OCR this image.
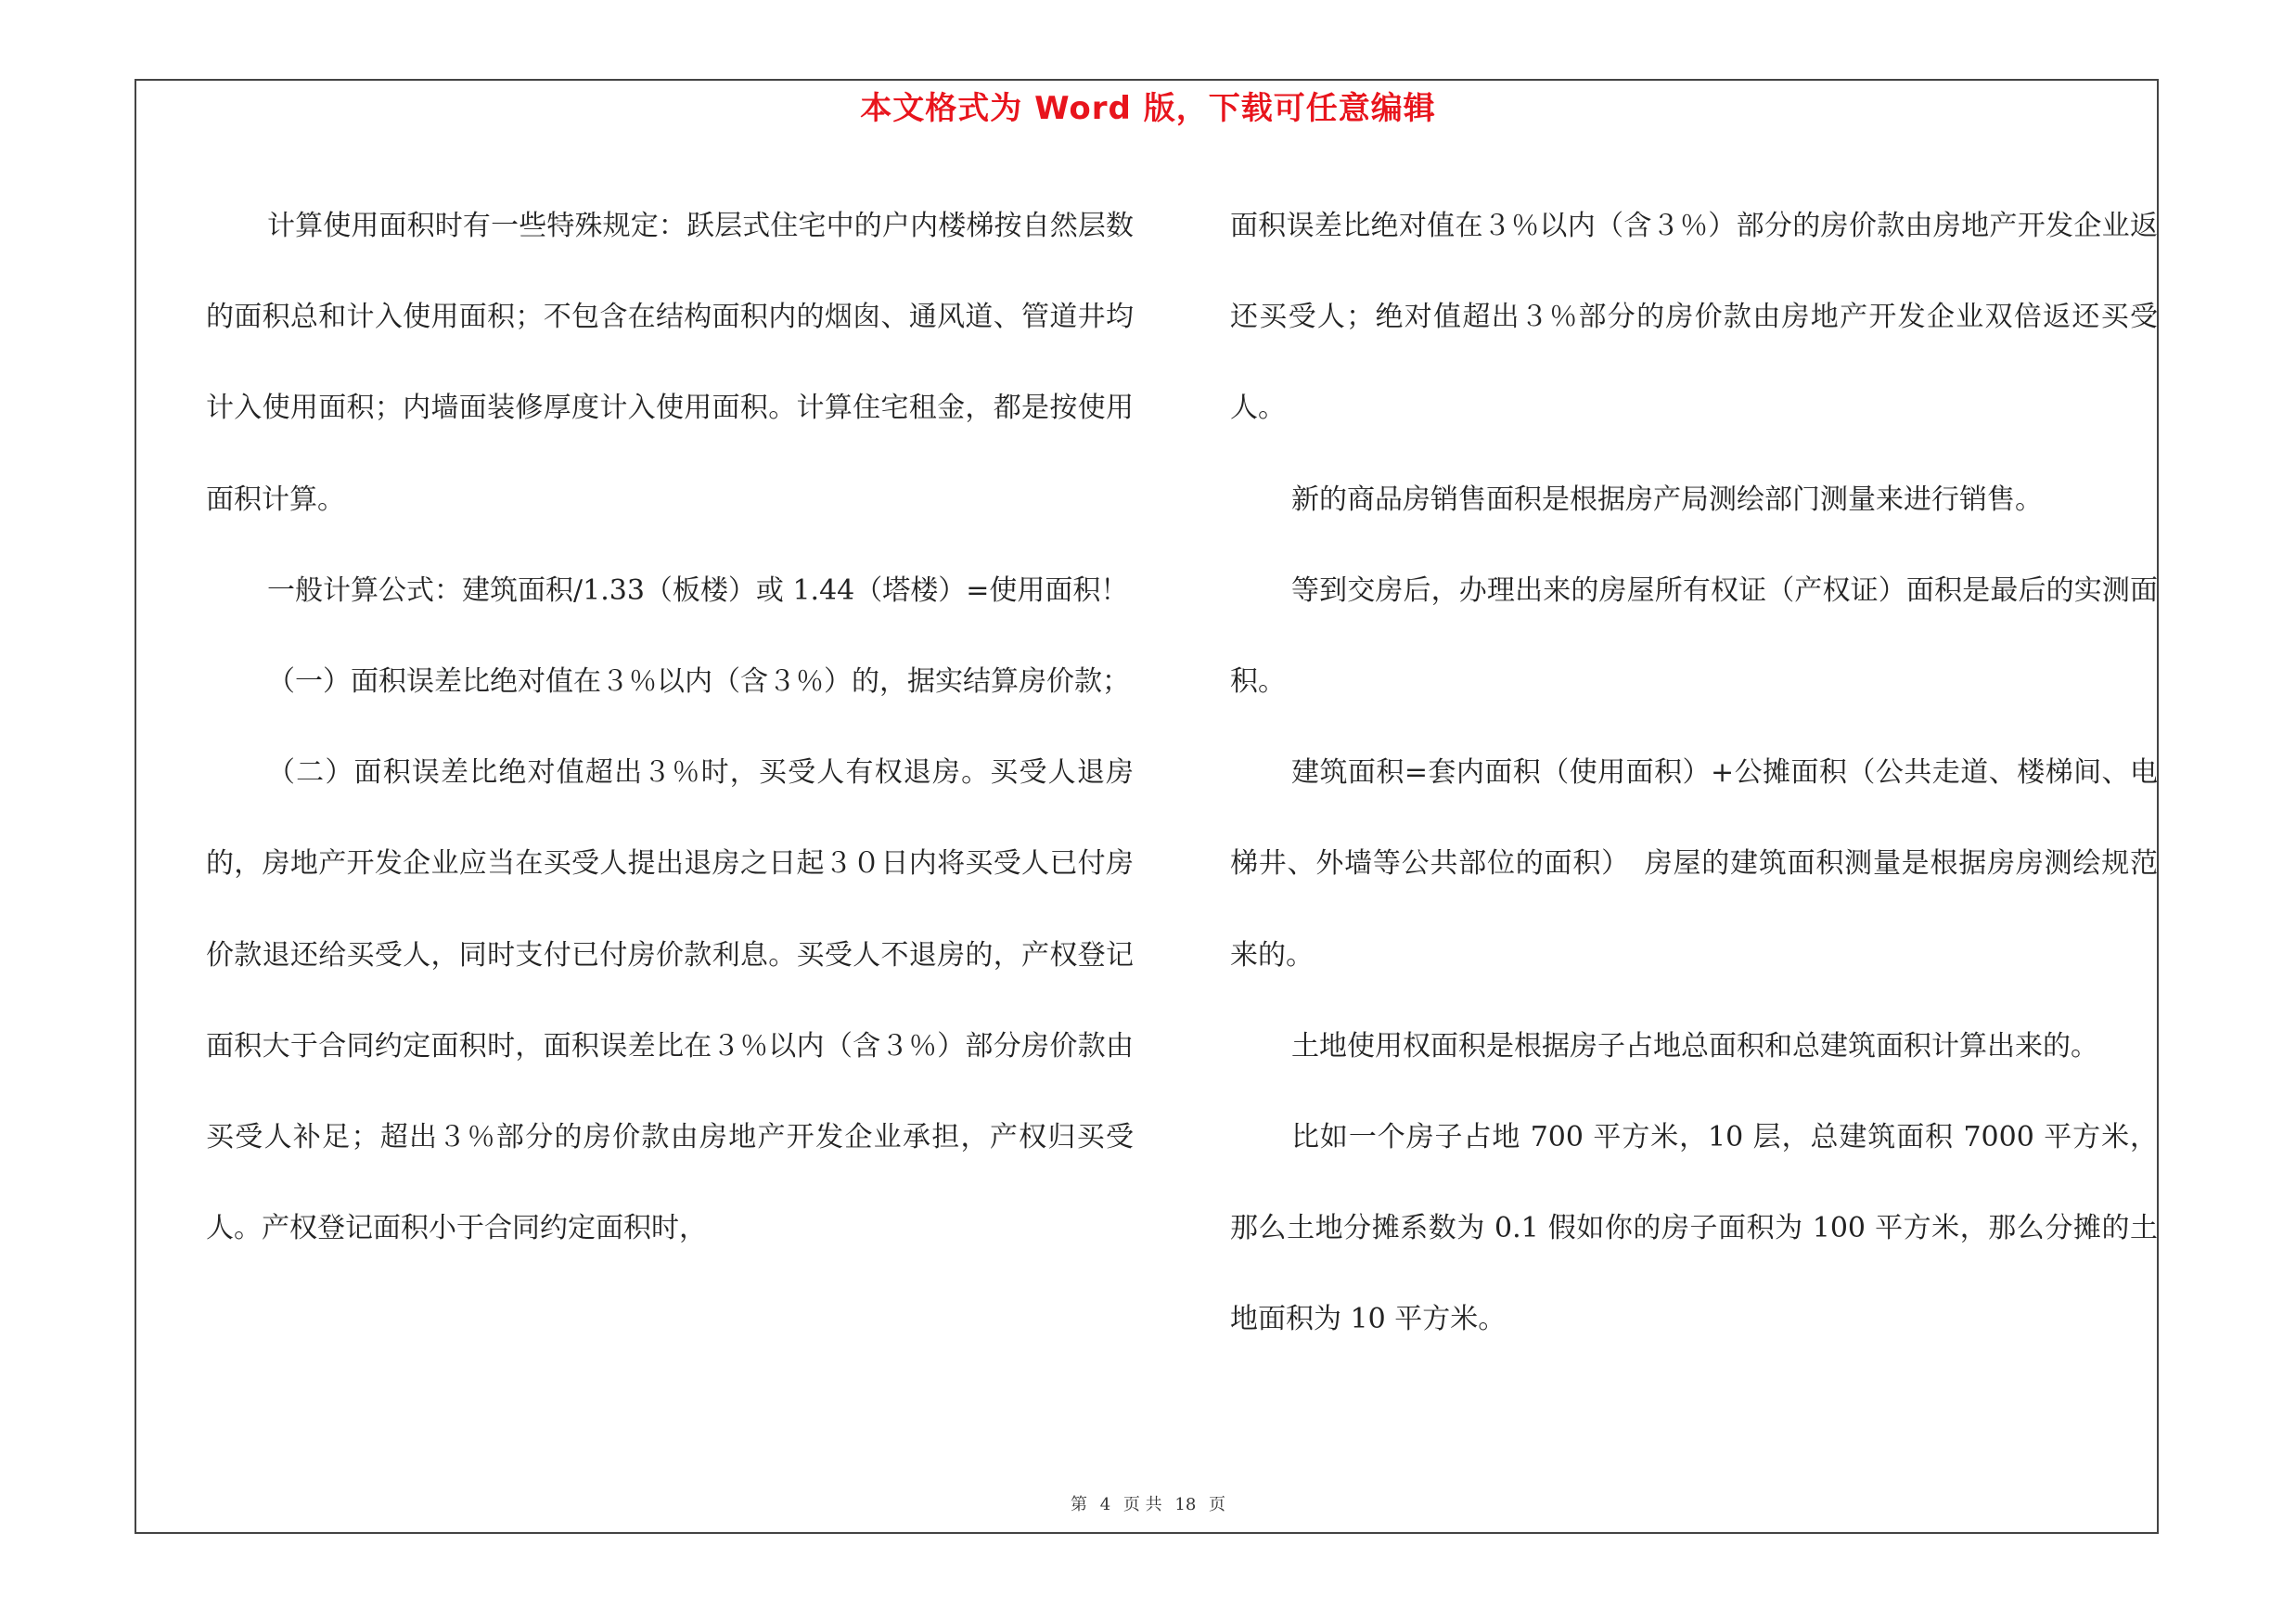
本文格式为 Word 版，下载可任意编辑

计算使用面积时有一些特殊规定：跃层式住宅中的户内楼梯按自然层数的面积总和计入使用面积；不包含在结构面积内的烟囱、通风道、管道井均计入使用面积；内墙面装修厚度计入使用面积。计算住宅租金，都是按使用面积计算。

一般计算公式：建筑面积/1.33（板楼）或 1.44（塔楼）=使用面积！

（一）面积误差比绝对值在３％以内（含３％）的，据实结算房价款；

（二）面积误差比绝对值超出３％时，买受人有权退房。买受人退房的，房地产开发企业应当在买受人提出退房之日起３０日内将买受人已付房价款退还给买受人，同时支付已付房价款利息。买受人不退房的，产权登记面积大于合同约定面积时，面积误差比在３％以内（含３％）部分房价款由买受人补足；超出３％部分的房价款由房地产开发企业承担，产权归买受人。产权登记面积小于合同约定面积时，

面积误差比绝对值在３％以内（含３％）部分的房价款由房地产开发企业返还买受人；绝对值超出３％部分的房价款由房地产开发企业双倍返还买受人。

新的商品房销售面积是根据房产局测绘部门测量来进行销售。

等到交房后，办理出来的房屋所有权证（产权证）面积是最后的实测面积。

建筑面积=套内面积（使用面积）+公摊面积（公共走道、楼梯间、电梯井、外墙等公共部位的面积）　房屋的建筑面积测量是根据房房测绘规范来的。

土地使用权面积是根据房子占地总面积和总建筑面积计算出来的。

比如一个房子占地 700 平方米，10 层，总建筑面积 7000 平方米，那么土地分摊系数为 0.1 假如你的房子面积为 100 平方米，那么分摊的土地面积为 10 平方米。

第 4 页 共 18 页
